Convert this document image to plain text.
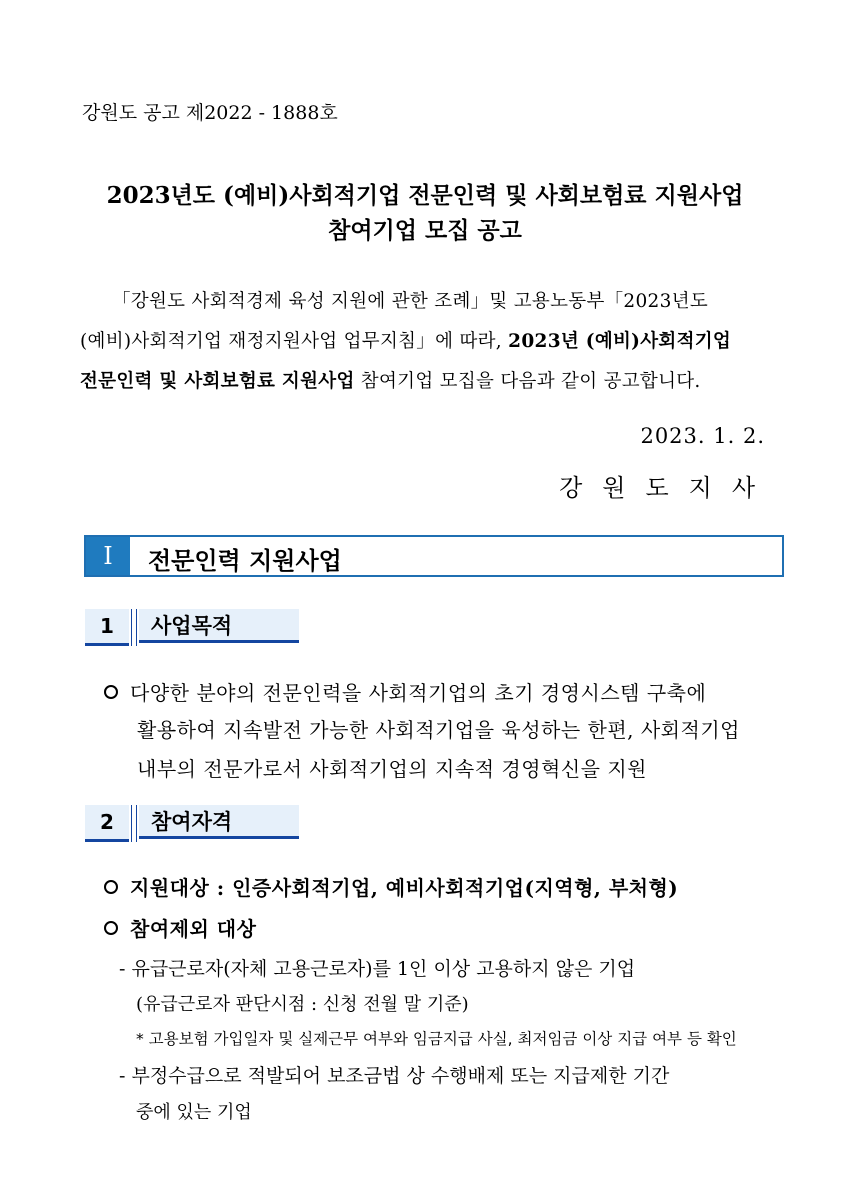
강원도 공고 제2022 - 1888호
2023년도 (예비)사회적기업 전문인력 및 사회보험료 지원사업
참여기업 모집 공고
「강원도 사회적경제 육성 지원에 관한 조례」및 고용노동부「2023년도
(예비)사회적기업 재정지원사업 업무지침」에 따라, 2023년 (예비)사회적기업
전문인력 및 사회보험료 지원사업 참여기업 모집을 다음과 같이 공고합니다.
2023. 1. 2.
강원도지사
Ⅰ	전문인력 지원사업
1	사업목적
다양한 분야의 전문인력을 사회적기업의 초기 경영시스템 구축에
활용하여 지속발전 가능한 사회적기업을 육성하는 한편, 사회적기업
내부의 전문가로서 사회적기업의 지속적 경영혁신을 지원
2	참여자격
지원대상 : 인증사회적기업, 예비사회적기업(지역형, 부처형)
참여제외 대상
- 유급근로자(자체 고용근로자)를 1인 이상 고용하지 않은 기업
(유급근로자 판단시점 : 신청 전월 말 기준)
* 고용보험 가입일자 및 실제근무 여부와 임금지급 사실, 최저임금 이상 지급 여부 등 확인
- 부정수급으로 적발되어 보조금법 상 수행배제 또는 지급제한 기간
중에 있는 기업
